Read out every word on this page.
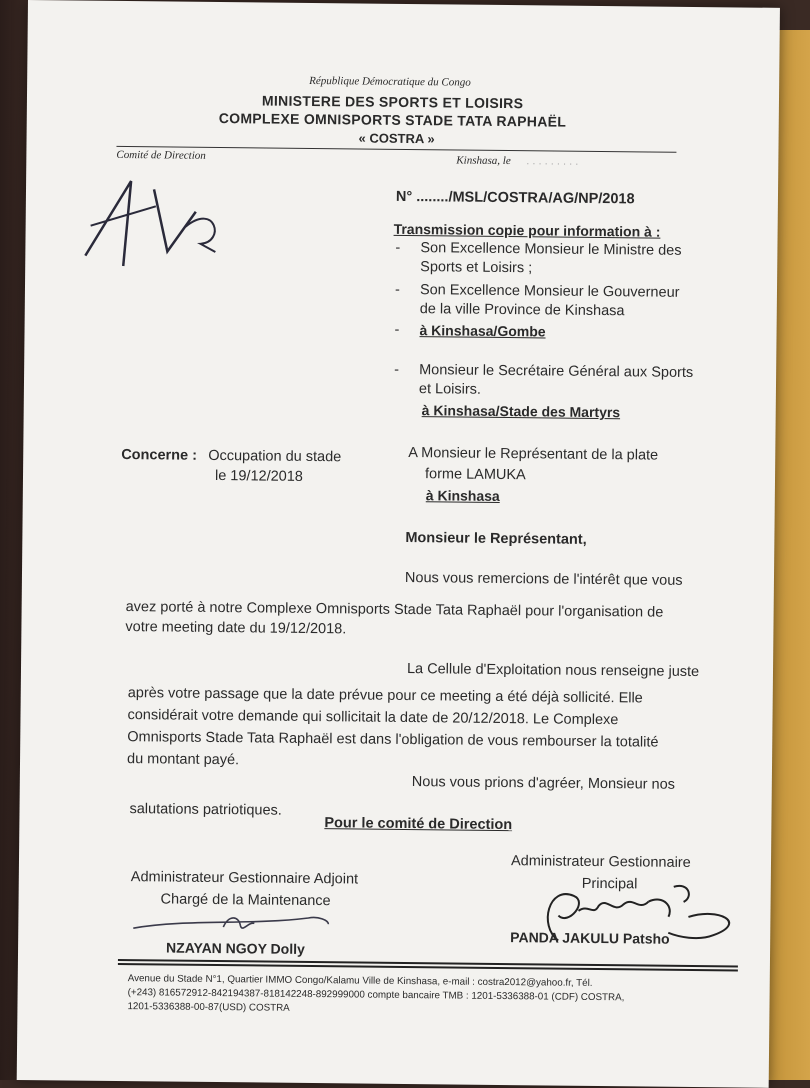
République Démocratique du Congo
MINISTERE DES SPORTS ET LOISIRS
COMPLEXE OMNISPORTS STADE TATA RAPHAËL
« COSTRA »
Comité de Direction	Kinshasa, le . . . . . . . . .
N° ......../MSL/COSTRA/AG/NP/2018
Transmission copie pour information à :
- Son Excellence Monsieur le Ministre des
Sports et Loisirs ;
- Son Excellence Monsieur le Gouverneur
de la ville Province de Kinshasa
- à Kinshasa/Gombe
- Monsieur le Secrétaire Général aux Sports
et Loisirs.
à Kinshasa/Stade des Martyrs
Concerne : Occupation du stade
le 19/12/2018
A Monsieur le Représentant de la plate
forme LAMUKA
à Kinshasa
Monsieur le Représentant,
Nous vous remercions de l'intérêt que vous
avez porté à notre Complexe Omnisports Stade Tata Raphaël pour l'organisation de
votre meeting date du 19/12/2018.
La Cellule d'Exploitation nous renseigne juste
après votre passage que la date prévue pour ce meeting a été déjà sollicité. Elle
considérait votre demande qui sollicitait la date de 20/12/2018. Le Complexe
Omnisports Stade Tata Raphaël est dans l'obligation de vous rembourser la totalité
du montant payé.
Nous vous prions d'agréer, Monsieur nos
salutations patriotiques.
Pour le comité de Direction
Administrateur Gestionnaire Adjoint
Chargé de la Maintenance
Administrateur Gestionnaire
Principal
NZAYAN NGOY Dolly
PANDA JAKULU Patsho
Avenue du Stade N°1, Quartier IMMO Congo/Kalamu Ville de Kinshasa, e-mail : costra2012@yahoo.fr, Tél.
(+243) 816572912-842194387-818142248-892999000 compte bancaire TMB : 1201-5336388-01 (CDF) COSTRA,
1201-5336388-00-87(USD) COSTRA
